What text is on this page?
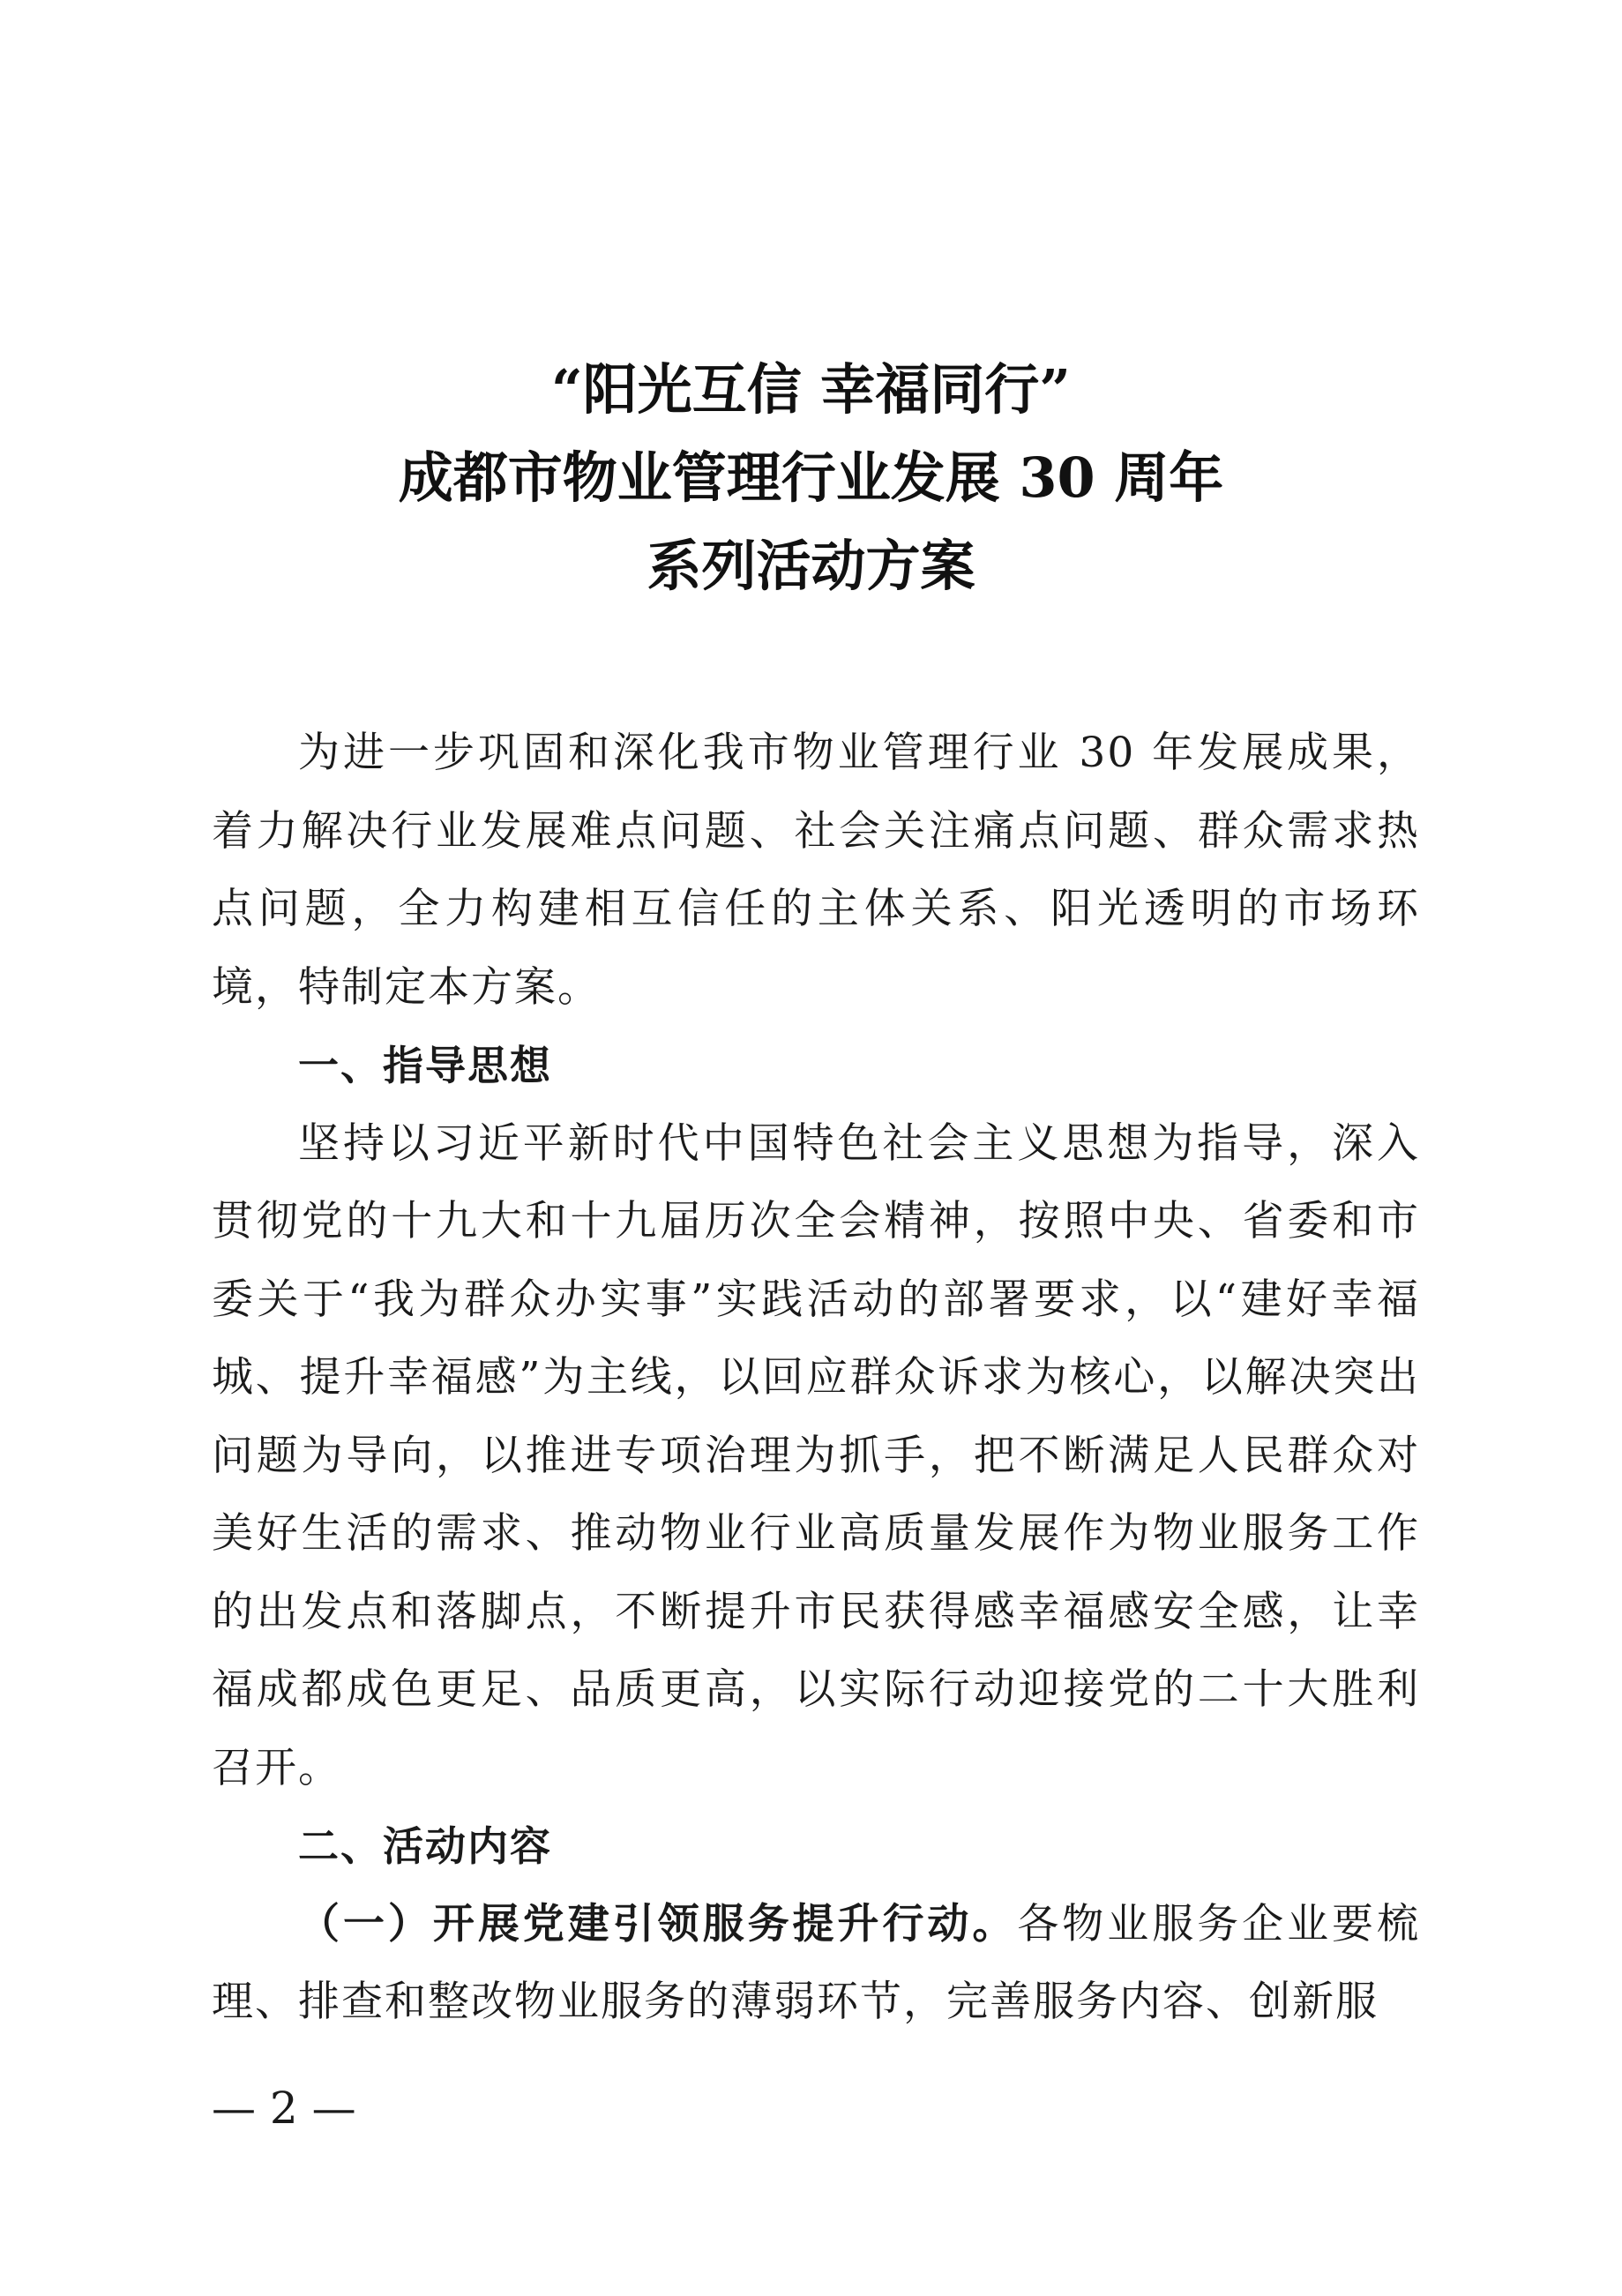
“阳光互信 幸福同行”
成都市物业管理行业发展 30 周年
系列活动方案

为进一步巩固和深化我市物业管理行业 30 年发展成果，着力解决行业发展难点问题、社会关注痛点问题、群众需求热点问题，全力构建相互信任的主体关系、阳光透明的市场环境，特制定本方案。

一、指导思想

坚持以习近平新时代中国特色社会主义思想为指导，深入贯彻党的十九大和十九届历次全会精神，按照中央、省委和市委关于“我为群众办实事”实践活动的部署要求，以“建好幸福城、提升幸福感”为主线，以回应群众诉求为核心，以解决突出问题为导向，以推进专项治理为抓手，把不断满足人民群众对美好生活的需求、推动物业行业高质量发展作为物业服务工作的出发点和落脚点，不断提升市民获得感幸福感安全感，让幸福成都成色更足、品质更高，以实际行动迎接党的二十大胜利召开。

二、活动内容

（一）开展党建引领服务提升行动。各物业服务企业要梳理、排查和整改物业服务的薄弱环节，完善服务内容、创新服

— 2 —
